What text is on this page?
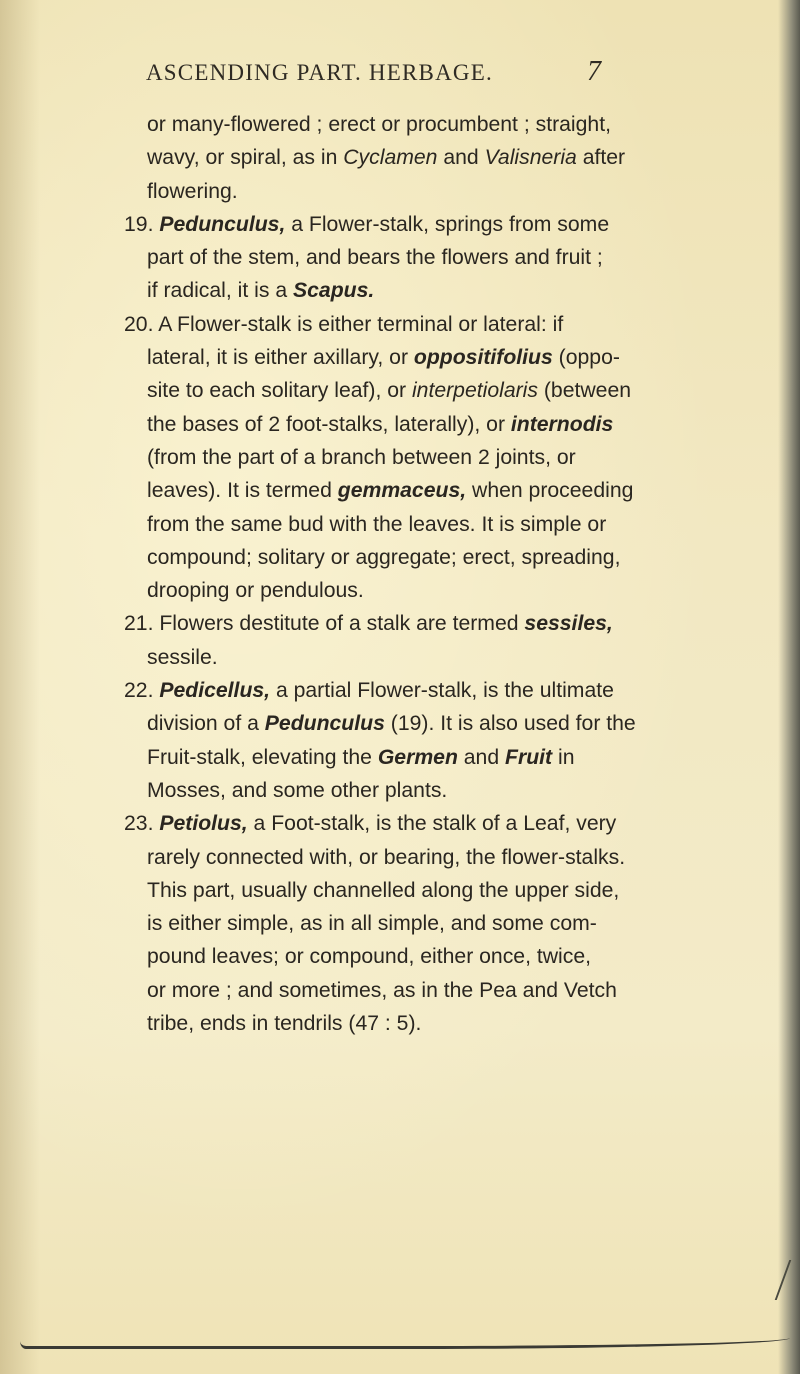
ASCENDING PART. HERBAGE.	7
or many-flowered ; erect or procumbent ; straight,
wavy, or spiral, as in Cyclamen and Valisneria after
flowering.
19. Pedunculus, a Flower-stalk, springs from some
part of the stem, and bears the flowers and fruit ;
if radical, it is a Scapus.
20. A Flower-stalk is either terminal or lateral: if
lateral, it is either axillary, or oppositifolius (oppo-
site to each solitary leaf), or interpetiolaris (between
the bases of 2 foot-stalks, laterally), or internodis
(from the part of a branch between 2 joints, or
leaves). It is termed gemmaceus, when proceeding
from the same bud with the leaves. It is simple or
compound; solitary or aggregate; erect, spreading,
drooping or pendulous.
21. Flowers destitute of a stalk are termed sessiles,
sessile.
22. Pedicellus, a partial Flower-stalk, is the ultimate
division of a Pedunculus (19). It is also used for the
Fruit-stalk, elevating the Germen and Fruit in
Mosses, and some other plants.
23. Petiolus, a Foot-stalk, is the stalk of a Leaf, very
rarely connected with, or bearing, the flower-stalks.
This part, usually channelled along the upper side,
is either simple, as in all simple, and some com-
pound leaves; or compound, either once, twice,
or more ; and sometimes, as in the Pea and Vetch
tribe, ends in tendrils (47 : 5).
